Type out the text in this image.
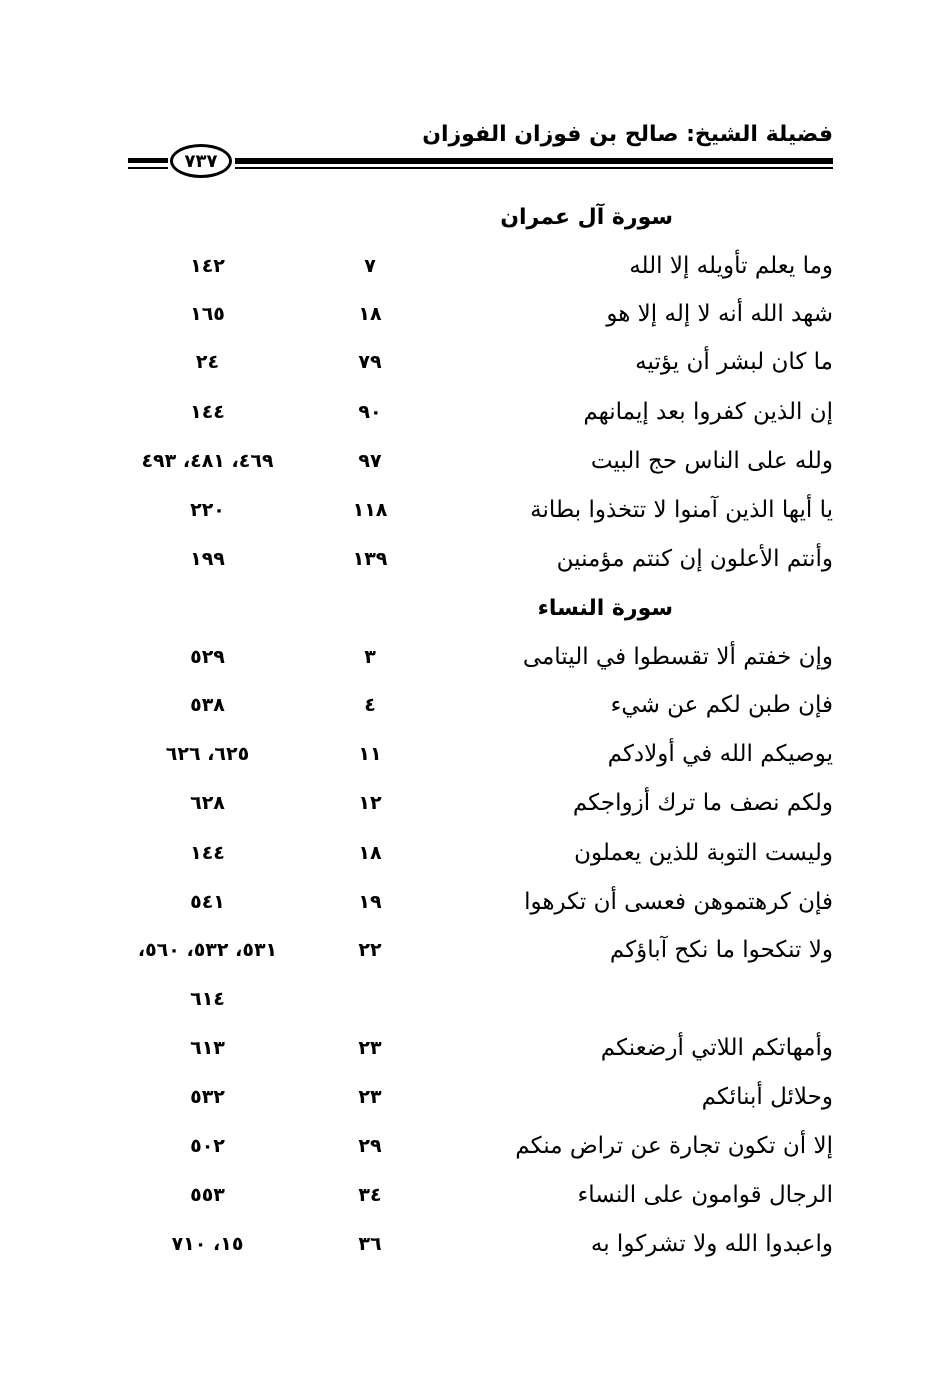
فضيلة الشيخ: صالح بن فوزان الفوزان
٧٣٧
سورة آل عمران
وما يعلم تأويله إلا الله
٧
١٤٢
شهد الله أنه لا إله إلا هو
١٨
١٦٥
ما كان لبشر أن يؤتيه
٧٩
٢٤
إن الذين كفروا بعد إيمانهم
٩٠
١٤٤
ولله على الناس حج البيت
٩٧
٤٦٩، ٤٨١، ٤٩٣
يا أيها الذين آمنوا لا تتخذوا بطانة
١١٨
٢٢٠
وأنتم الأعلون إن كنتم مؤمنين
١٣٩
١٩٩
سورة النساء
وإن خفتم ألا تقسطوا في اليتامى
٣
٥٢٩
فإن طبن لكم عن شيء
٤
٥٣٨
يوصيكم الله في أولادكم
١١
٦٢٥، ٦٢٦
ولكم نصف ما ترك أزواجكم
١٢
٦٢٨
وليست التوبة للذين يعملون
١٨
١٤٤
فإن كرهتموهن فعسى أن تكرهوا
١٩
٥٤١
ولا تنكحوا ما نكح آباؤكم
٢٢
٥٣١، ٥٣٢، ٥٦٠،
٦١٤
وأمهاتكم اللاتي أرضعنكم
٢٣
٦١٣
وحلائل أبنائكم
٢٣
٥٣٢
إلا أن تكون تجارة عن تراض منكم
٢٩
٥٠٢
الرجال قوامون على النساء
٣٤
٥٥٣
واعبدوا الله ولا تشركوا به
٣٦
١٥، ٧١٠
